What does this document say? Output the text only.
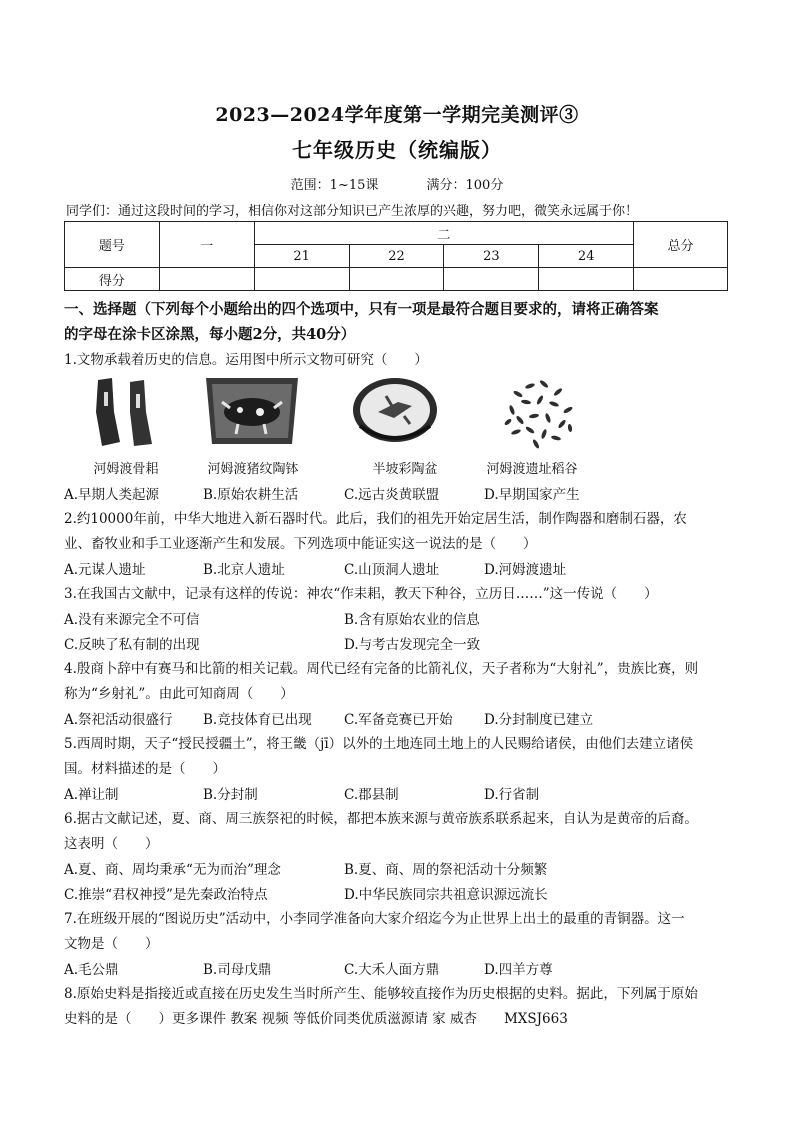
2023—2024学年度第一学期完美测评③
七年级历史（统编版）
范围：1~15课	满分：100分
同学们：通过这段时间的学习，相信你对这部分知识已产生浓厚的兴趣，努力吧，微笑永远属于你！
题号	一	二				总分
		21	22	23	24	
得分						
一、选择题（下列每个小题给出的四个选项中，只有一项是最符合题目要求的，请将正确答案
的字母在涂卡区涂黑，每小题2分，共40分）
1.文物承载着历史的信息。运用图中所示文物可研究（　　）
河姆渡骨耜	河姆渡猪纹陶钵	半坡彩陶盆	河姆渡遗址稻谷
A.早期人类起源	B.原始农耕生活	C.远古炎黄联盟	D.早期国家产生
2.约10000年前，中华大地进入新石器时代。此后，我们的祖先开始定居生活，制作陶器和磨制石器，农
业、畜牧业和手工业逐渐产生和发展。下列选项中能证实这一说法的是（　　）
A.元谋人遗址	B.北京人遗址	C.山顶洞人遗址	D.河姆渡遗址
3.在我国古文献中，记录有这样的传说：神农“作耒耜，教天下种谷，立历日……”这一传说（　　）
A.没有来源完全不可信	B.含有原始农业的信息
C.反映了私有制的出现	D.与考古发现完全一致
4.殷商卜辞中有赛马和比箭的相关记载。周代已经有完备的比箭礼仪，天子者称为“大射礼”，贵族比赛，则
称为“乡射礼”。由此可知商周（　　）
A.祭祀活动很盛行 B.竞技体育已出现 C.军备竞赛已开始 D.分封制度已建立
5.西周时期，天子“授民授疆土”，将王畿（jī）以外的土地连同土地上的人民赐给诸侯，由他们去建立诸侯
国。材料描述的是（　　）
A.禅让制	B.分封制	C.郡县制	D.行省制
6.据古文献记述，夏、商、周三族祭祀的时候，都把本族来源与黄帝族系联系起来，自认为是黄帝的后裔。
这表明（　　）
A.夏、商、周均秉承“无为而治”理念	B.夏、商、周的祭祀活动十分频繁
C.推崇“君权神授”是先秦政治特点	D.中华民族同宗共祖意识源远流长
7.在班级开展的“图说历史”活动中，小李同学准备向大家介绍迄今为止世界上出土的最重的青铜器。这一
文物是（　　）
A.毛公鼎	B.司母戊鼎	C.大禾人面方鼎	D.四羊方尊
8.原始史料是指接近或直接在历史发生当时所产生、能够较直接作为历史根据的史料。据此，下列属于原始
史料的是（　　）更多课件 教案 视频 等低价同类优质滋源请 家 威杏　　MXSJ663
